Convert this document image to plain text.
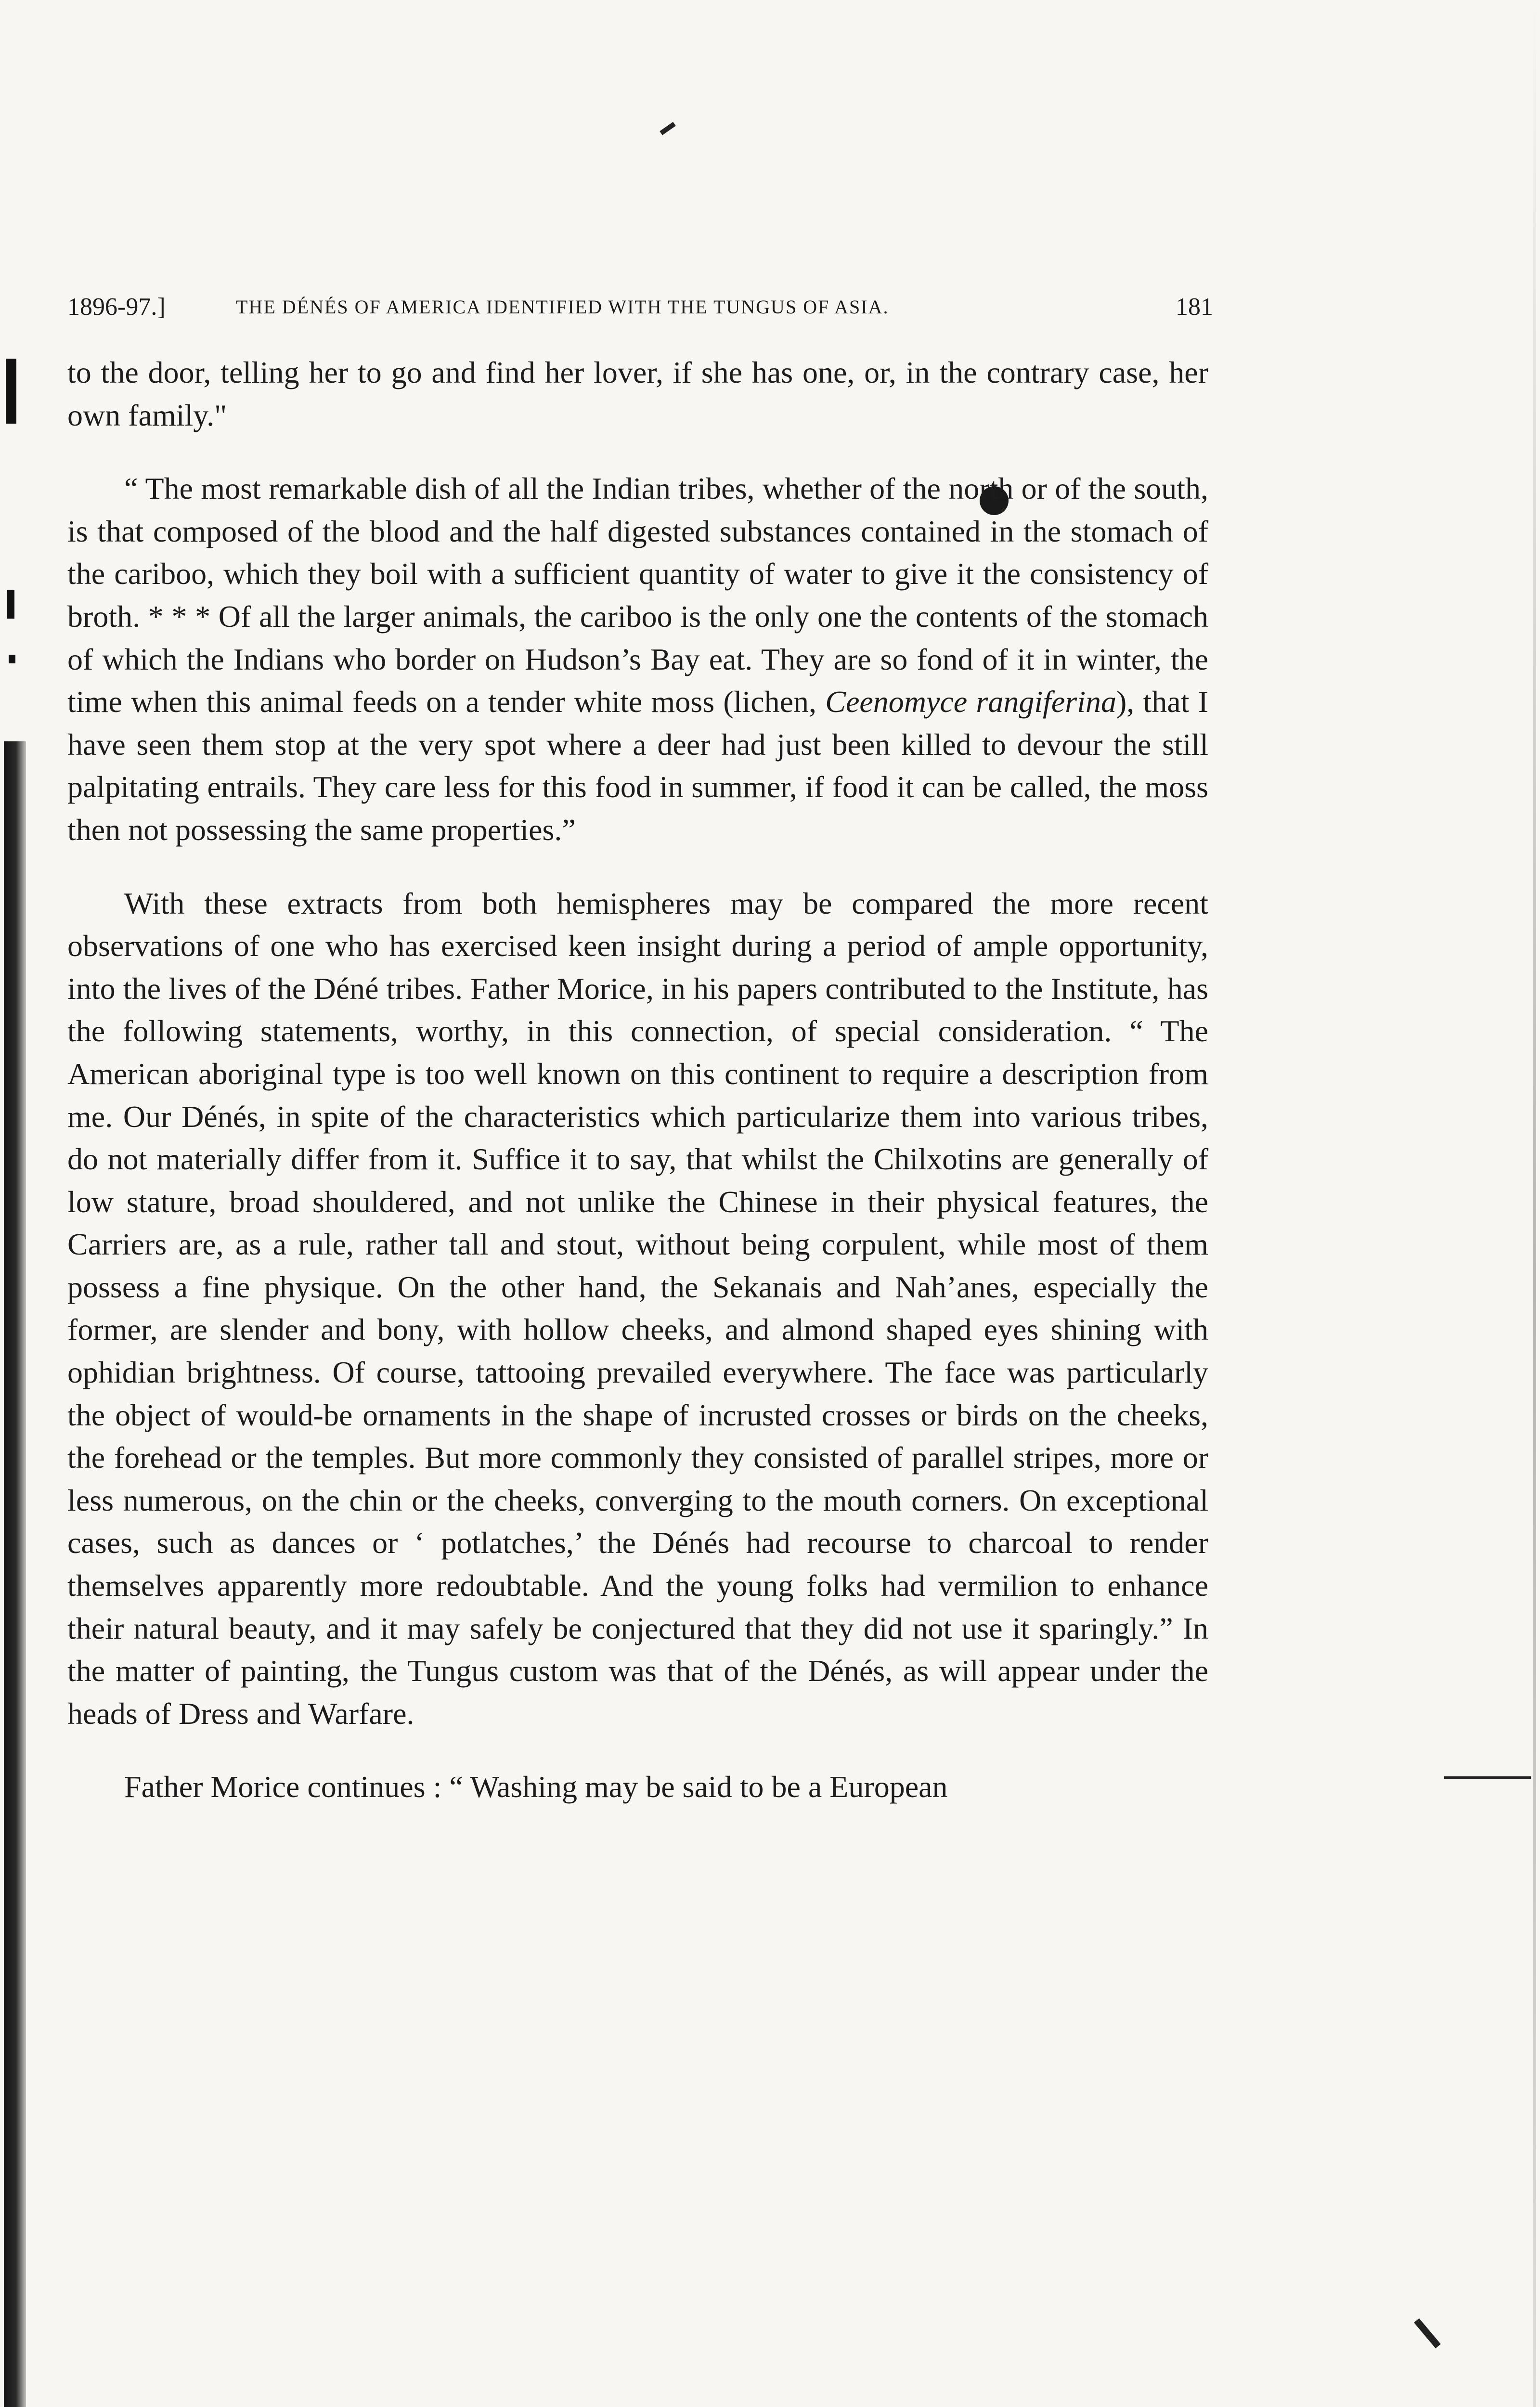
1896-97.]	THE DÉNÉS OF AMERICA IDENTIFIED WITH THE TUNGUS OF ASIA.	181

to the door, telling her to go and find her lover, if she has one, or, in the contrary case, her own family."

“ The most remarkable dish of all the Indian tribes, whether of the north or of the south, is that composed of the blood and the half digested substances contained in the stomach of the cariboo, which they boil with a sufficient quantity of water to give it the consistency of broth. * * * Of all the larger animals, the cariboo is the only one the contents of the stomach of which the Indians who border on Hudson’s Bay eat. They are so fond of it in winter, the time when this animal feeds on a tender white moss (lichen, Ceenomyce rangiferina), that I have seen them stop at the very spot where a deer had just been killed to devour the still palpitating entrails. They care less for this food in summer, if food it can be called, the moss then not possessing the same properties.”

With these extracts from both hemispheres may be compared the more recent observations of one who has exercised keen insight during a period of ample opportunity, into the lives of the Déné tribes. Father Morice, in his papers contributed to the Institute, has the following statements, worthy, in this connection, of special consideration. “ The American aboriginal type is too well known on this continent to require a description from me. Our Dénés, in spite of the characteristics which particularize them into various tribes, do not materially differ from it. Suffice it to say, that whilst the Chilxotins are generally of low stature, broad shouldered, and not unlike the Chinese in their physical features, the Carriers are, as a rule, rather tall and stout, without being corpulent, while most of them possess a fine physique. On the other hand, the Sekanais and Nah’anes, especially the former, are slender and bony, with hollow cheeks, and almond shaped eyes shining with ophidian brightness. Of course, tattooing prevailed everywhere. The face was particularly the object of would-be ornaments in the shape of incrusted crosses or birds on the cheeks, the forehead or the temples. But more commonly they consisted of parallel stripes, more or less numerous, on the chin or the cheeks, converging to the mouth corners. On exceptional cases, such as dances or ‘ potlatches,’ the Dénés had recourse to charcoal to render themselves apparently more redoubtable. And the young folks had vermilion to enhance their natural beauty, and it may safely be conjectured that they did not use it sparingly.” In the matter of painting, the Tungus custom was that of the Dénés, as will appear under the heads of Dress and Warfare.

Father Morice continues : “ Washing may be said to be a European
